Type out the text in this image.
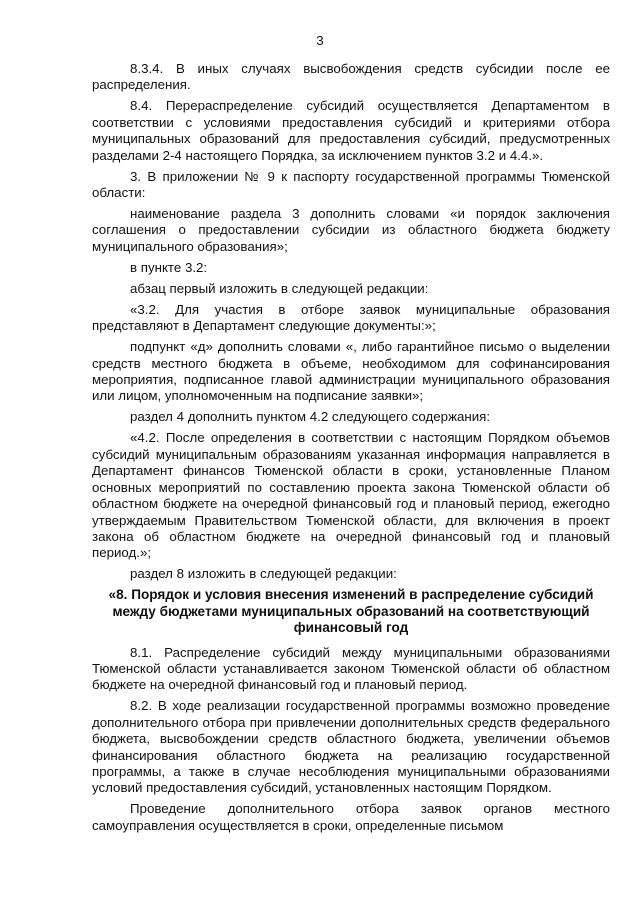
3

8.3.4. В иных случаях высвобождения средств субсидии после ее распределения.

8.4. Перераспределение субсидий осуществляется Департаментом в соответствии с условиями предоставления субсидий и критериями отбора муниципальных образований для предоставления субсидий, предусмотренных разделами 2-4 настоящего Порядка, за исключением пунктов 3.2 и 4.4.».

3. В приложении № 9 к паспорту государственной программы Тюменской области:

наименование раздела 3 дополнить словами «и порядок заключения соглашения о предоставлении субсидии из областного бюджета бюджету муниципального образования»;

в пункте 3.2:

абзац первый изложить в следующей редакции:

«3.2. Для участия в отборе заявок муниципальные образования представляют в Департамент следующие документы:»;

подпункт «д» дополнить словами «, либо гарантийное письмо о выделении средств местного бюджета в объеме, необходимом для софинансирования мероприятия, подписанное главой администрации муниципального образования или лицом, уполномоченным на подписание заявки»;

раздел 4 дополнить пунктом 4.2 следующего содержания:

«4.2. После определения в соответствии с настоящим Порядком объемов субсидий муниципальным образованиям указанная информация направляется в Департамент финансов Тюменской области в сроки, установленные Планом основных мероприятий по составлению проекта закона Тюменской области об областном бюджете на очередной финансовый год и плановый период, ежегодно утверждаемым Правительством Тюменской области, для включения в проект закона об областном бюджете на очередной финансовый год и плановый период.»;

раздел 8 изложить в следующей редакции:

«8. Порядок и условия внесения изменений в распределение субсидий между бюджетами муниципальных образований на соответствующий финансовый год

8.1. Распределение субсидий между муниципальными образованиями Тюменской области устанавливается законом Тюменской области об областном бюджете на очередной финансовый год и плановый период.

8.2. В ходе реализации государственной программы возможно проведение дополнительного отбора при привлечении дополнительных средств федерального бюджета, высвобождении средств областного бюджета, увеличении объемов финансирования областного бюджета на реализацию государственной программы, а также в случае несоблюдения муниципальными образованиями условий предоставления субсидий, установленных настоящим Порядком.

Проведение дополнительного отбора заявок органов местного самоуправления осуществляется в сроки, определенные письмом
